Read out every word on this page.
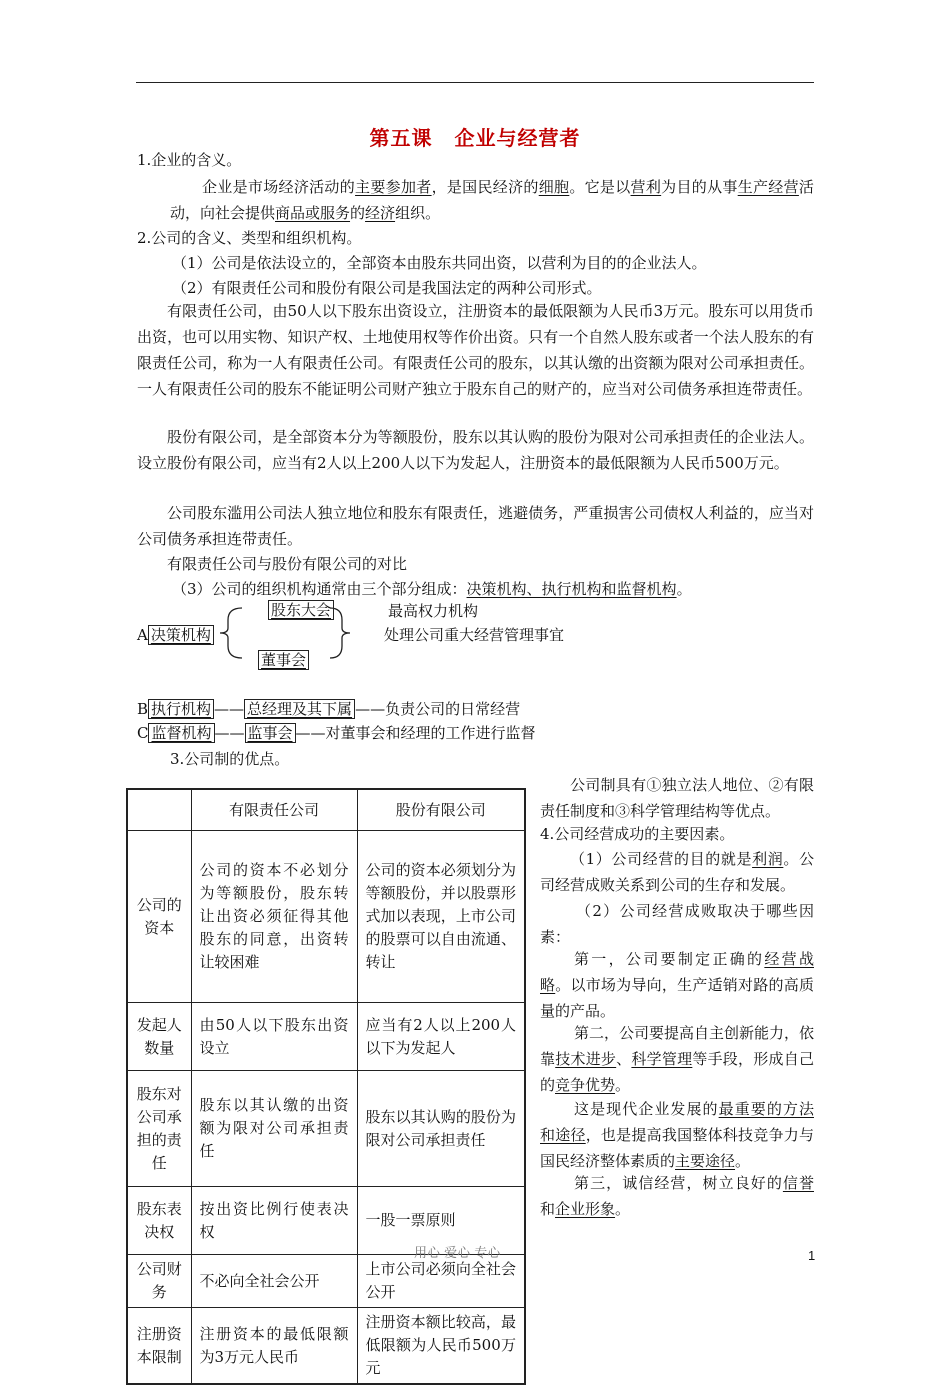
第五课 企业与经营者
1.企业的含义。
企业是市场经济活动的主要参加者，是国民经济的细胞。它是以营利为目的从事生产经营活动，向社会提供商品或服务的经济组织。
2.公司的含义、类型和组织机构。
（1）公司是依法设立的，全部资本由股东共同出资，以营利为目的的企业法人。
（2）有限责任公司和股份有限公司是我国法定的两种公司形式。
有限责任公司，由50人以下股东出资设立，注册资本的最低限额为人民币3万元。股东可以用货币出资，也可以用实物、知识产权、土地使用权等作价出资。只有一个自然人股东或者一个法人股东的有限责任公司，称为一人有限责任公司。有限责任公司的股东，以其认缴的出资额为限对公司承担责任。一人有限责任公司的股东不能证明公司财产独立于股东自己的财产的，应当对公司债务承担连带责任。
股份有限公司，是全部资本分为等额股份，股东以其认购的股份为限对公司承担责任的企业法人。设立股份有限公司，应当有2人以上200人以下为发起人，注册资本的最低限额为人民币500万元。
公司股东滥用公司法人独立地位和股东有限责任，逃避债务，严重损害公司债权人利益的，应当对公司债务承担连带责任。
有限责任公司与股份有限公司的对比
（3）公司的组织机构通常由三个部分组成：决策机构、执行机构和监督机构。
股东大会	最高权力机构
A 决策机构	处理公司重大经营管理事宜
董事会
B 执行机构 —— 总经理及其下属 ——负责公司的日常经营
C 监督机构 —— 监事会 ——对董事会和经理的工作进行监督
3.公司制的优点。
	有限责任公司	股份有限公司
公司的资本	公司的资本不必划分为等额股份，股东转让出资必须征得其他股东的同意，出资转让较困难	公司的资本必须划分为等额股份，并以股票形式加以表现，上市公司的股票可以自由流通、转让
发起人数量	由50人以下股东出资设立	应当有2人以上200人以下为发起人
股东对公司承担的责任	股东以其认缴的出资额为限对公司承担责任	股东以其认购的股份为限对公司承担责任
股东表决权	按出资比例行使表决权	一股一票原则
公司财务	不必向全社会公开	上市公司必须向全社会公开
注册资本限制	注册资本的最低限额为3万元人民币	注册资本额比较高，最低限额为人民币500万元
公司制具有①独立法人地位、②有限责任制度和③科学管理结构等优点。
4.公司经营成功的主要因素。
（1）公司经营的目的就是利润。公司经营成败关系到公司的生存和发展。
（2）公司经营成败取决于哪些因素：
第一，公司要制定正确的经营战略。以市场为导向，生产适销对路的高质量的产品。
第二，公司要提高自主创新能力，依靠技术进步、科学管理等手段，形成自己的竞争优势。
这是现代企业发展的最重要的方法和途径，也是提高我国整体科技竞争力与国民经济整体素质的主要途径。
第三，诚信经营，树立良好的信誉和企业形象。
用心 爱心 专心	1
